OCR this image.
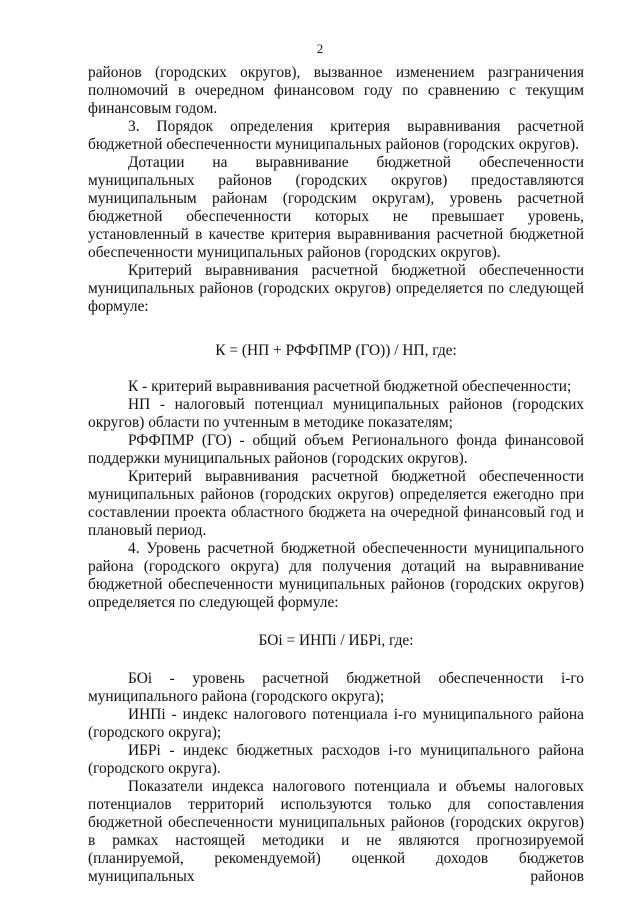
2

районов (городских округов), вызванное изменением разграничения полномочий в очередном финансовом году по сравнению с текущим финансовым годом.

3. Порядок определения критерия выравнивания расчетной бюджетной обеспеченности муниципальных районов (городских округов).

Дотации на выравнивание бюджетной обеспеченности муниципальных районов (городских округов) предоставляются муниципальным районам (городским округам), уровень расчетной бюджетной обеспеченности которых не превышает уровень, установленный в качестве критерия выравнивания расчетной бюджетной обеспеченности муниципальных районов (городских округов).

Критерий выравнивания расчетной бюджетной обеспеченности муниципальных районов (городских округов) определяется по следующей формуле:

К = (НП + РФФПМР (ГО)) / НП, где:

К - критерий выравнивания расчетной бюджетной обеспеченности;

НП - налоговый потенциал муниципальных районов (городских округов) области по учтенным в методике показателям;

РФФПМР (ГО) - общий объем Регионального фонда финансовой поддержки муниципальных районов (городских округов).

Критерий выравнивания расчетной бюджетной обеспеченности муниципальных районов (городских округов) определяется ежегодно при составлении проекта областного бюджета на очередной финансовый год и плановый период.

4. Уровень расчетной бюджетной обеспеченности муниципального района (городского округа) для получения дотаций на выравнивание бюджетной обеспеченности муниципальных районов (городских округов) определяется по следующей формуле:

БОi = ИНПi / ИБРi, где:

БОi - уровень расчетной бюджетной обеспеченности i-го муниципального района (городского округа);

ИНПi - индекс налогового потенциала i-го муниципального района (городского округа);

ИБРi - индекс бюджетных расходов i-го муниципального района (городского округа).

Показатели индекса налогового потенциала и объемы налоговых потенциалов территорий используются только для сопоставления бюджетной обеспеченности муниципальных районов (городских округов) в рамках настоящей методики и не являются прогнозируемой (планируемой, рекомендуемой) оценкой доходов бюджетов муниципальных районов
